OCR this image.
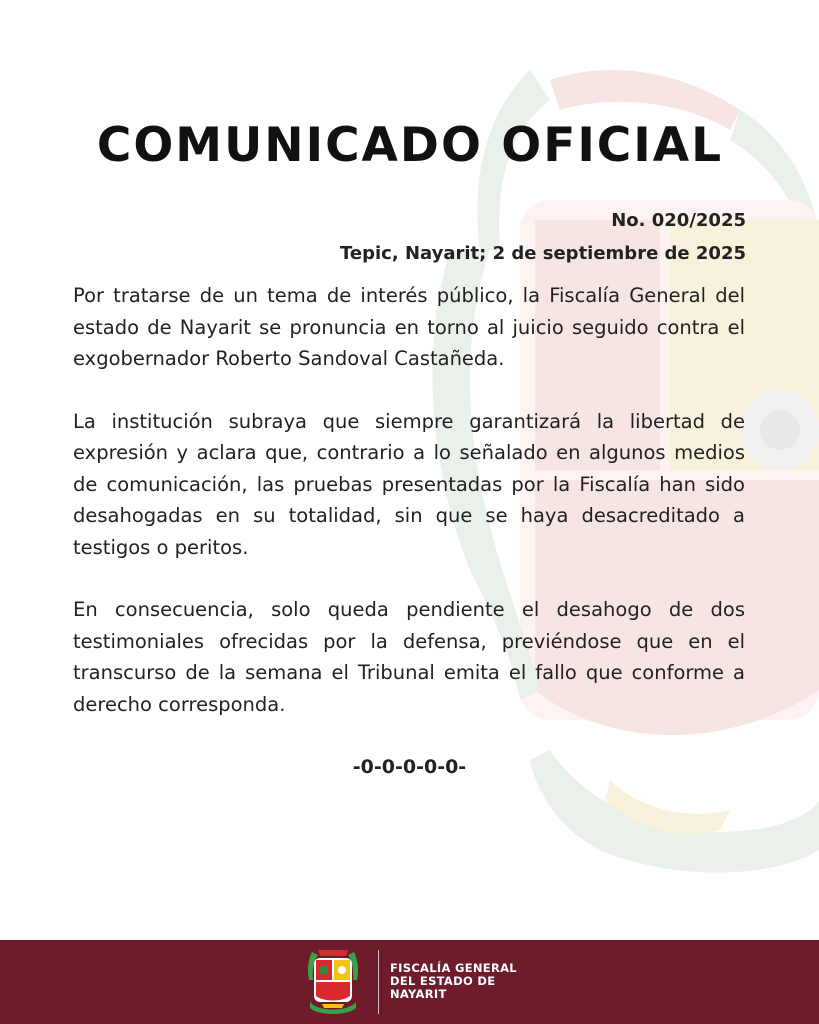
COMUNICADO OFICIAL
No. 020/2025
Tepic, Nayarit; 2 de septiembre de 2025

Por tratarse de un tema de interés público, la Fiscalía General del estado de Nayarit se pronuncia en torno al juicio seguido contra el exgobernador Roberto Sandoval Castañeda.

La institución subraya que siempre garantizará la libertad de expresión y aclara que, contrario a lo señalado en algunos medios de comunicación, las pruebas presentadas por la Fiscalía han sido desahogadas en su totalidad, sin que se haya desacreditado a testigos o peritos.

En consecuencia, solo queda pendiente el desahogo de dos testimoniales ofrecidas por la defensa, previéndose que en el transcurso de la semana el Tribunal emita el fallo que conforme a derecho corresponda.

-0-0-0-0-0-
FISCALÍA GENERAL
DEL ESTADO DE
NAYARIT
